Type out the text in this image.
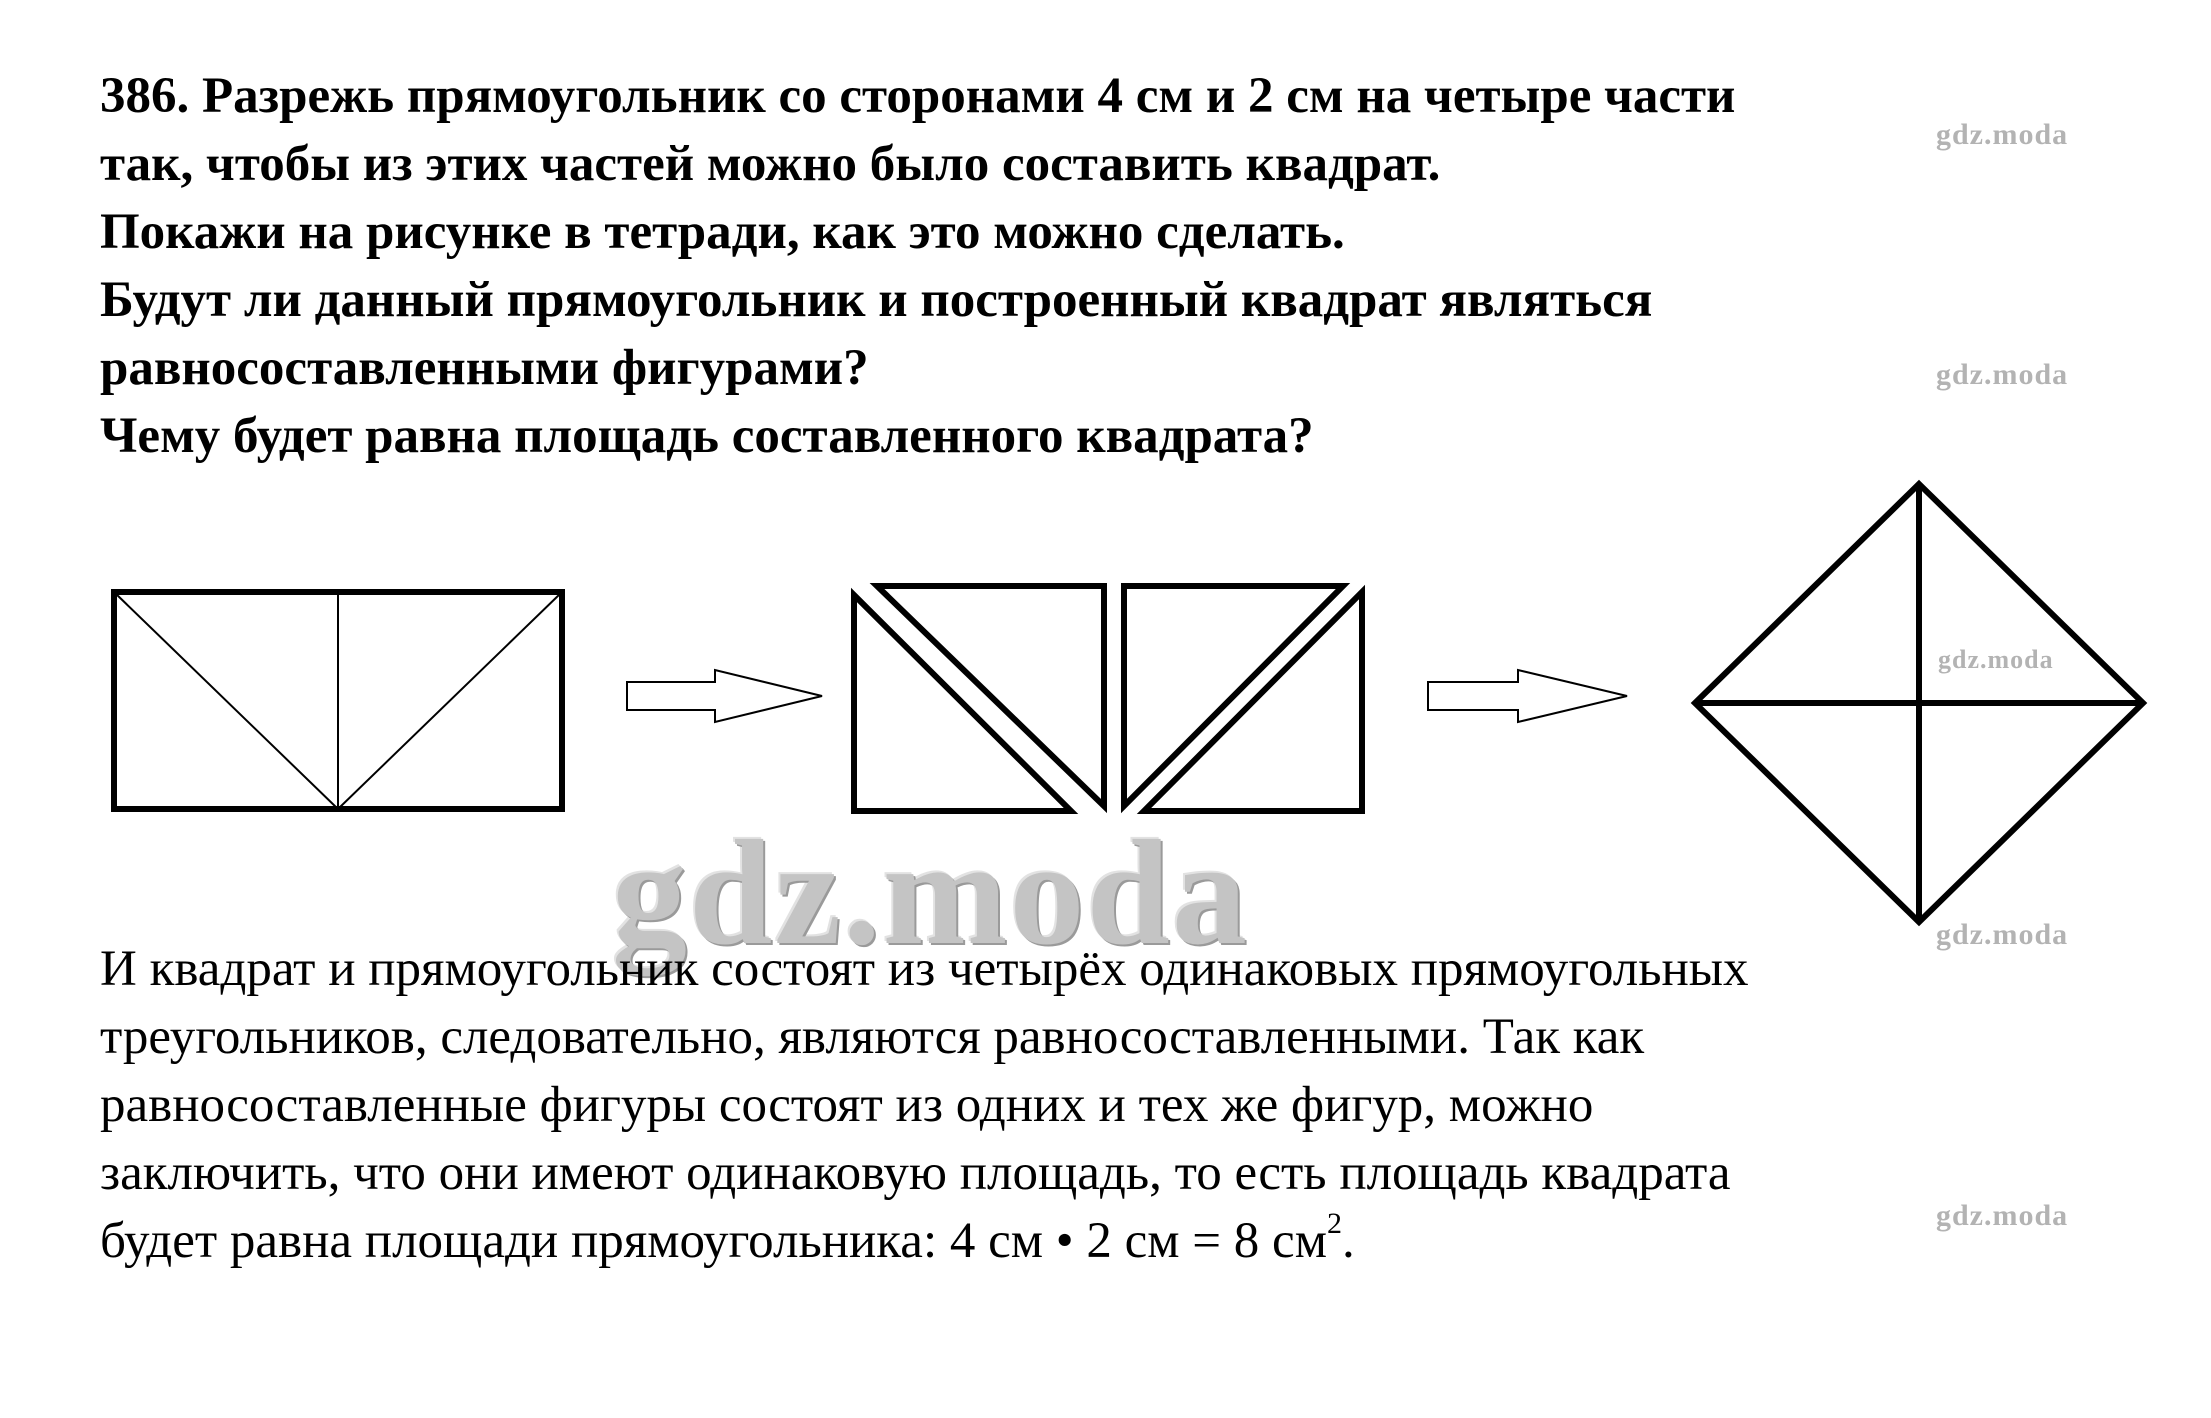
386. Разрежь прямоугольник со сторонами 4 см и 2 см на четыре части
так, чтобы из этих частей можно было составить квадрат.
Покажи на рисунке в тетради, как это можно сделать.
Будут ли данный прямоугольник и построенный квадрат являться
равносоставленными фигурами?
Чему будет равна площадь составленного квадрата?
gdz.moda
gdz.moda
gdz.moda
gdz.moda
gdz.moda
gdz.moda
И квадрат и прямоугольник состоят из четырёх одинаковых прямоугольных
треугольников, следовательно, являются равносоставленными. Так как
равносоставленные фигуры состоят из одних и тех же фигур, можно
заключить, что они имеют одинаковую площадь, то есть площадь квадрата
будет равна площади прямоугольника: 4 см • 2 см = 8 $см^2$.
